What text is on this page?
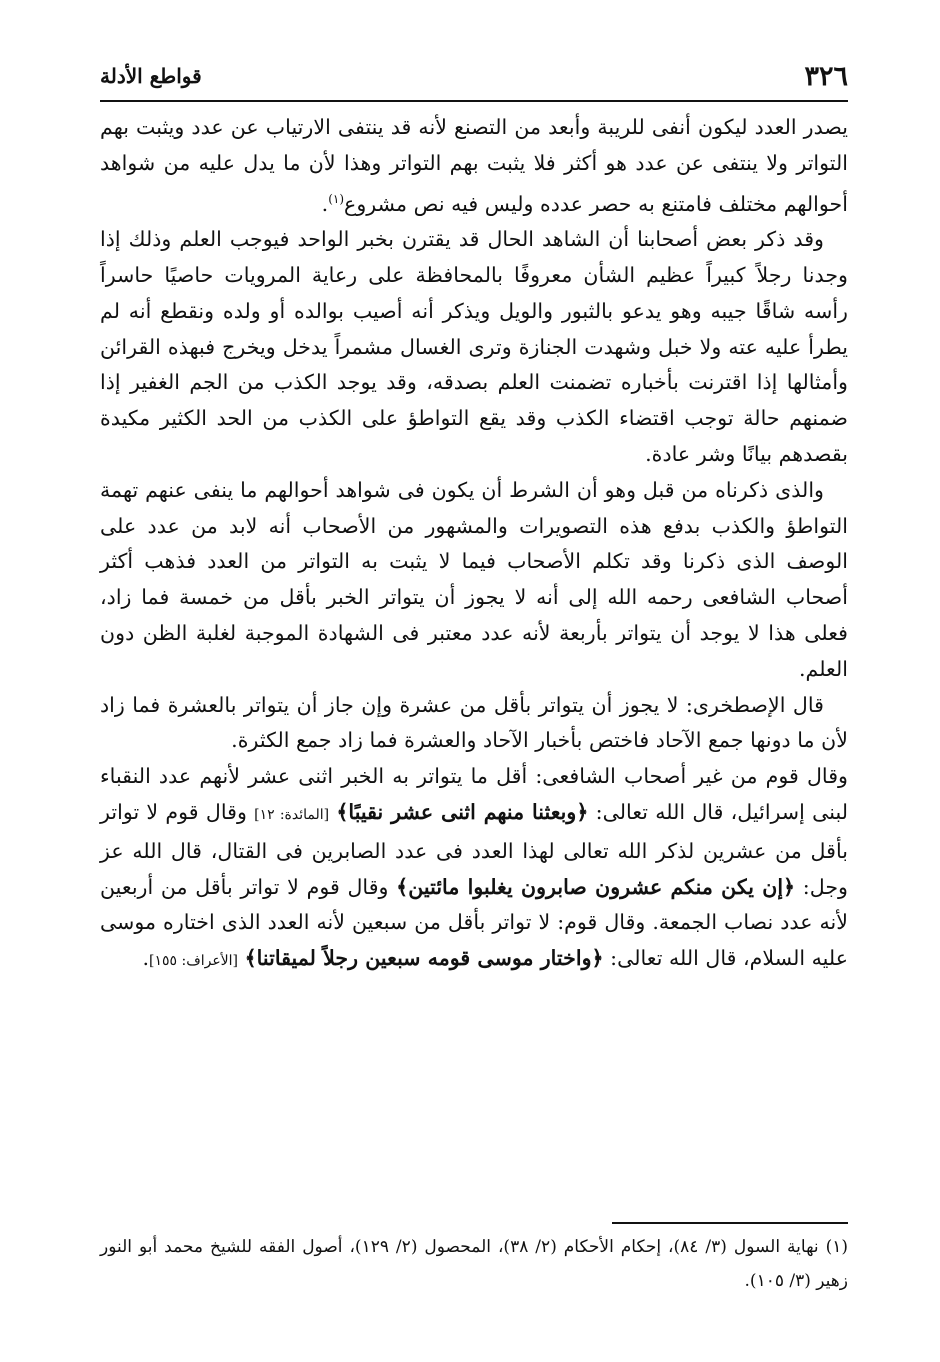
٣٢٦
قواطع الأدلة

يصدر العدد ليكون أنفى للريبة وأبعد من التصنع لأنه قد ينتفى الارتياب عن عدد ويثبت بهم التواتر ولا ينتفى عن عدد هو أكثر فلا يثبت بهم التواتر وهذا لأن ما يدل عليه من شواهد أحوالهم مختلف فامتنع به حصر عدده وليس فيه نص مشروع$^{(١)}$.

وقد ذكر بعض أصحابنا أن الشاهد الحال قد يقترن بخبر الواحد فيوجب العلم وذلك إذا وجدنا رجلاً كبيراً عظيم الشأن معروفًا بالمحافظة على رعاية المرويات حاصيًا حاسراً رأسه شاقًا جيبه وهو يدعو بالثبور والويل ويذكر أنه أصيب بوالده أو ولده ونقطع أنه لم يطرأ عليه عته ولا خبل وشهدت الجنازة وترى الغسال مشمراً يدخل ويخرج فبهذه القرائن وأمثالها إذا اقترنت بأخباره تضمنت العلم بصدقه، وقد يوجد الكذب من الجم الغفير إذا ضمنهم حالة توجب اقتضاء الكذب وقد يقع التواطؤ على الكذب من الحد الكثير مكيدة بقصدهم بيانًا وشر عادة.

والذى ذكرناه من قبل وهو أن الشرط أن يكون فى شواهد أحوالهم ما ينفى عنهم تهمة التواطؤ والكذب بدفع هذه التصويرات والمشهور من الأصحاب أنه لابد من عدد على الوصف الذى ذكرنا وقد تكلم الأصحاب فيما لا يثبت به التواتر من العدد فذهب أكثر أصحاب الشافعى رحمه الله إلى أنه لا يجوز أن يتواتر الخبر بأقل من خمسة فما زاد، فعلى هذا لا يوجد أن يتواتر بأربعة لأنه عدد معتبر فى الشهادة الموجبة لغلبة الظن دون العلم.

قال الإصطخرى: لا يجوز أن يتواتر بأقل من عشرة وإن جاز أن يتواتر بالعشرة فما زاد لأن ما دونها جمع الآحاد فاختص بأخبار الآحاد والعشرة فما زاد جمع الكثرة.

وقال قوم من غير أصحاب الشافعى: أقل ما يتواتر به الخبر اثنى عشر لأنهم عدد النقباء لبنى إسرائيل، قال الله تعالى: ﴿وبعثنا منهم اثنى عشر نقيبًا﴾ [المائدة: ١٢] وقال قوم لا تواتر بأقل من عشرين لذكر الله تعالى لهذا العدد فى عدد الصابرين فى القتال، قال الله عز وجل: ﴿إن يكن منكم عشرون صابرون يغلبوا مائتين﴾ وقال قوم لا تواتر بأقل من أربعين لأنه عدد نصاب الجمعة. وقال قوم: لا تواتر بأقل من سبعين لأنه العدد الذى اختاره موسى عليه السلام، قال الله تعالى: ﴿واختار موسى قومه سبعين رجلاً لميقاتنا﴾ [الأعراف: ١٥٥].

(١) نهاية السول (٣/ ٨٤)، إحكام الأحكام (٢/ ٣٨)، المحصول (٢/ ١٢٩)، أصول الفقه للشيخ محمد أبو النور زهير (٣/ ١٠٥).
